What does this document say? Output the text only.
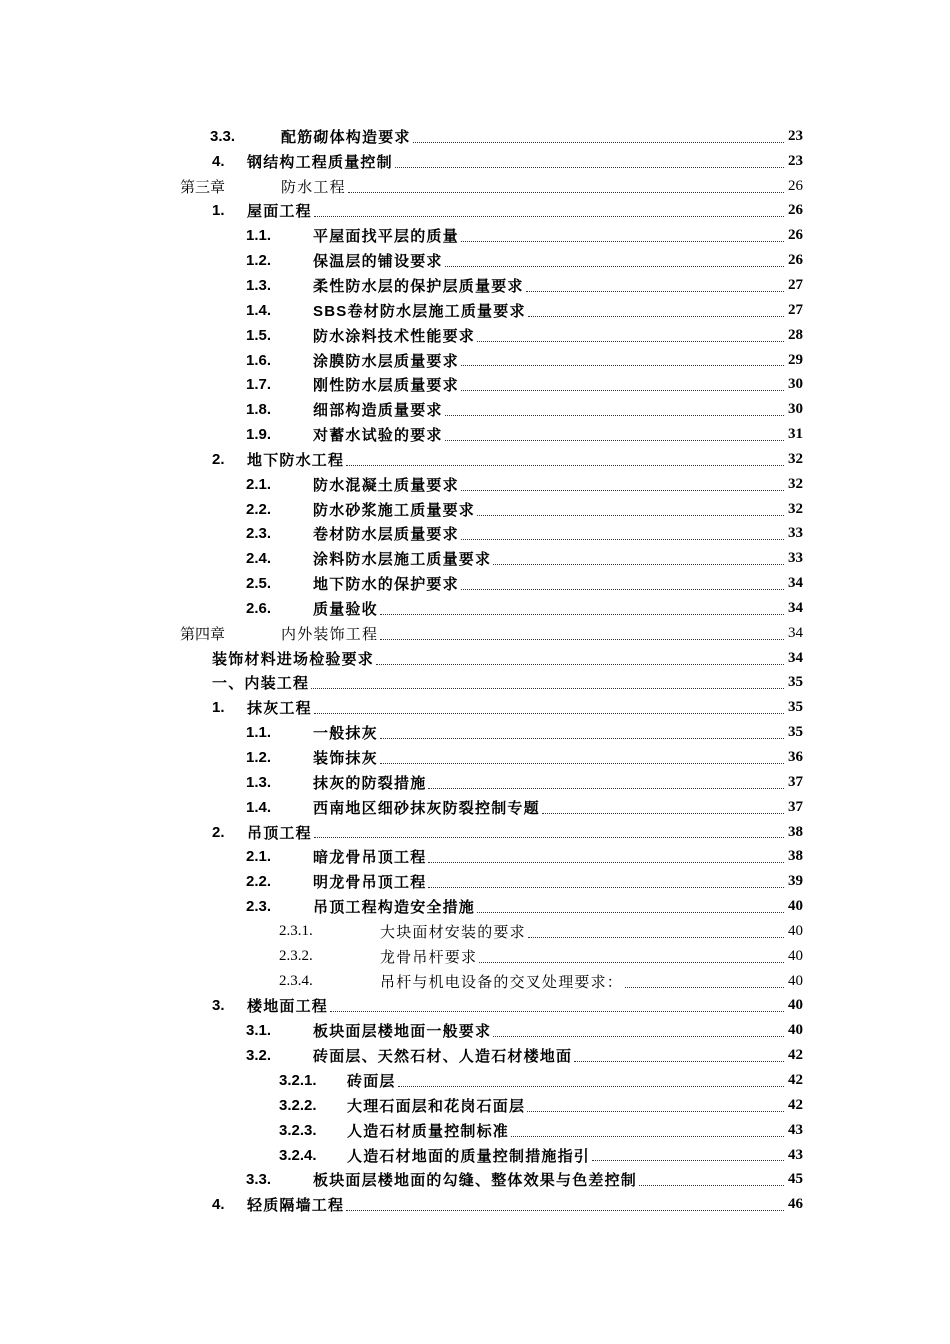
3.3.	配筋砌体构造要求	23
4. 钢结构工程质量控制	23
第三章	防水工程	26
1. 屋面工程	26
1.1.	平屋面找平层的质量	26
1.2.	保温层的铺设要求	26
1.3.	柔性防水层的保护层质量要求	27
1.4.	SBS卷材防水层施工质量要求	27
1.5.	防水涂料技术性能要求	28
1.6.	涂膜防水层质量要求	29
1.7.	刚性防水层质量要求	30
1.8.	细部构造质量要求	30
1.9.	对蓄水试验的要求	31
2. 地下防水工程	32
2.1.	防水混凝土质量要求	32
2.2.	防水砂浆施工质量要求	32
2.3.	卷材防水层质量要求	33
2.4.	涂料防水层施工质量要求	33
2.5.	地下防水的保护要求	34
2.6.	质量验收	34
第四章	内外装饰工程	34
装饰材料进场检验要求	34
一、内装工程	35
1. 抹灰工程	35
1.1.	一般抹灰	35
1.2.	装饰抹灰	36
1.3.	抹灰的防裂措施	37
1.4.	西南地区细砂抹灰防裂控制专题	37
2. 吊顶工程	38
2.1.	暗龙骨吊顶工程	38
2.2.	明龙骨吊顶工程	39
2.3.	吊顶工程构造安全措施	40
2.3.1.	大块面材安装的要求	40
2.3.2.	龙骨吊杆要求	40
2.3.4.	吊杆与机电设备的交叉处理要求：	40
3. 楼地面工程	40
3.1.	板块面层楼地面一般要求	40
3.2.	砖面层、天然石材、人造石材楼地面	42
3.2.1. 砖面层	42
3.2.2. 大理石面层和花岗石面层	42
3.2.3. 人造石材质量控制标准	43
3.2.4. 人造石材地面的质量控制措施指引	43
3.3.	板块面层楼地面的勾缝、整体效果与色差控制	45
4. 轻质隔墙工程	46
